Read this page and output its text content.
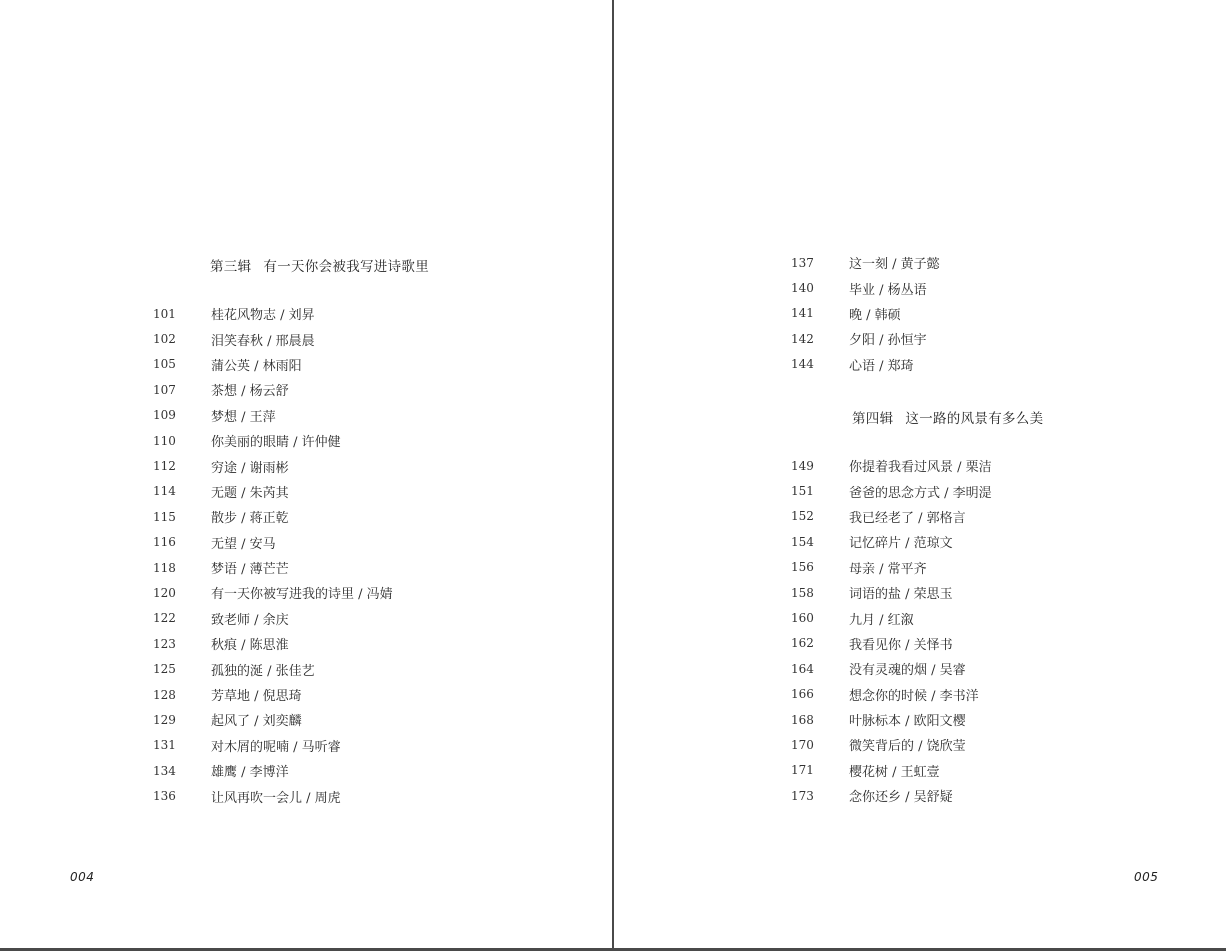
第三辑 有一天你会被我写进诗歌里
101	桂花风物志 / 刘昇
102	泪笑春秋 / 邢晨晨
105	蒲公英 / 林雨阳
107	茶想 / 杨云舒
109	梦想 / 王萍
110	你美丽的眼睛 / 许仲健
112	穷途 / 谢雨彬
114	无题 / 朱芮其
115	散步 / 蒋正乾
116	无望 / 安马
118	梦语 / 薄芒芒
120	有一天你被写进我的诗里 / 冯婧
122	致老师 / 余庆
123	秋痕 / 陈思淮
125	孤独的涎 / 张佳艺
128	芳草地 / 倪思琦
129	起风了 / 刘奕麟
131	对木屑的呢喃 / 马听睿
134	雄鹰 / 李博洋
136	让风再吹一会儿 / 周虎
004
137	这一刻 / 黄子懿
140	毕业 / 杨丛语
141	晚 / 韩硕
142	夕阳 / 孙恒宇
144	心语 / 郑琦
第四辑 这一路的风景有多么美
149	你提着我看过风景 / 栗洁
151	爸爸的思念方式 / 李明湜
152	我已经老了 / 郭格言
154	记忆碎片 / 范琼文
156	母亲 / 常平齐
158	词语的盐 / 荣思玉
160	九月 / 红溆
162	我看见你 / 关怿书
164	没有灵魂的烟 / 吴睿
166	想念你的时候 / 李书洋
168	叶脉标本 / 欧阳文樱
170	微笑背后的 / 饶欣莹
171	樱花树 / 王虹壹
173	念你还乡 / 吴舒疑
005
